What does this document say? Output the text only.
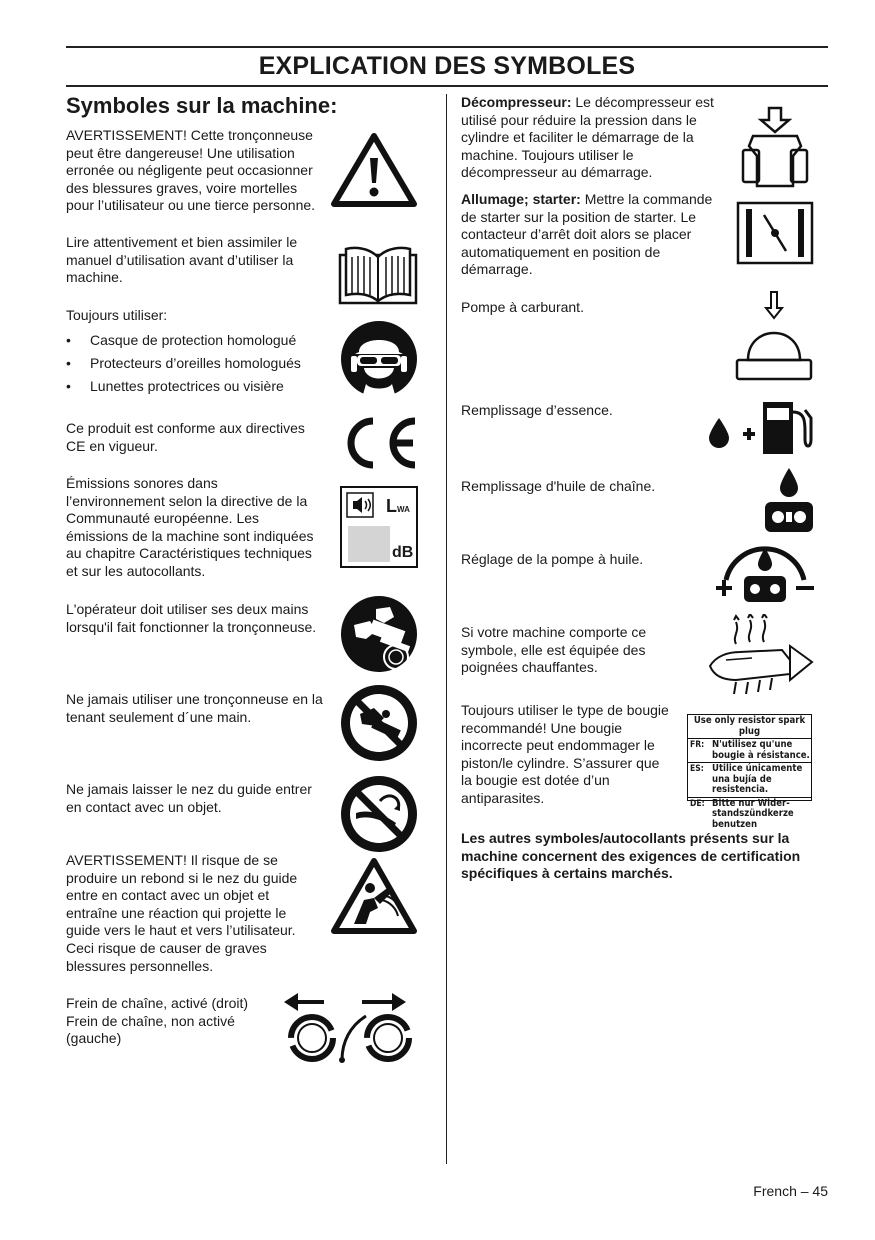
EXPLICATION DES SYMBOLES
Symboles sur la machine:
AVERTISSEMENT! Cette tronçonneuse peut être dangereuse! Une utilisation erronée ou négligente peut occasionner des blessures graves, voire mortelles pour l’utilisateur ou une tierce personne.
Lire attentivement et bien assimiler le manuel d’utilisation avant d’utiliser la machine.
Toujours utiliser:
• Casque de protection homologué
• Protecteurs d’oreilles homologués
• Lunettes protectrices ou visière
Ce produit est conforme aux directives CE en vigueur.
Émissions sonores dans l’environnement selon la directive de la Communauté européenne. Les émissions de la machine sont indiquées au chapitre Caractéristiques techniques et sur les autocollants.
LWA
dB
L'opérateur doit utiliser ses deux mains lorsqu'il fait fonctionner la tronçonneuse.
Ne jamais utiliser une tronçonneuse en la tenant seulement d´une main.
Ne jamais laisser le nez du guide entrer en contact avec un objet.
AVERTISSEMENT! Il risque de se produire un rebond si le nez du guide entre en contact avec un objet et entraîne une réaction qui projette le guide vers le haut et vers l’utilisateur. Ceci risque de causer de graves blessures personnelles.
Frein de chaîne, activé (droit)
Frein de chaîne, non activé (gauche)
Décompresseur: Le décompresseur est utilisé pour réduire la pression dans le cylindre et faciliter le démarrage de la machine. Toujours utiliser le décompresseur au démarrage.
Allumage; starter: Mettre la commande de starter sur la position de starter. Le contacteur d’arrêt doit alors se placer automatiquement en position de démarrage.
Pompe à carburant.
Remplissage d’essence.
Remplissage d'huile de chaîne.
Réglage de la pompe à huile.
Si votre machine comporte ce symbole, elle est équipée des poignées chauffantes.
Toujours utiliser le type de bougie recommandé! Une bougie incorrecte peut endommager le piston/le cylindre. S’assurer que la bougie est dotée d’un antiparasites.
Use only resistor spark plug
FR: N'utilisez qu'une bougie à résistance.
ES: Utilice únicamente una bujía de resistencia.
DE: Bitte nur Wider-standszündkerze benutzen
Les autres symboles/autocollants présents sur la machine concernent des exigences de certification spécifiques à certains marchés.
French – 45
